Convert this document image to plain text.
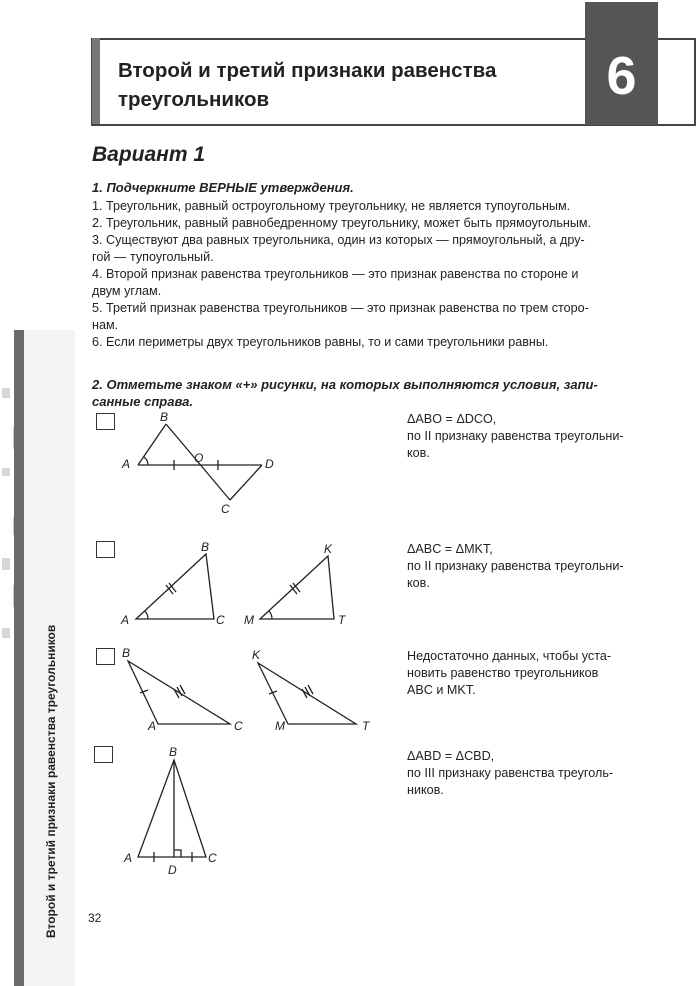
Второй и третий признаки равенства треугольников
Второй и третий признаки равенства треугольников	6
Вариант 1
1. Подчеркните ВЕРНЫЕ утверждения.
1. Треугольник, равный остроугольному треугольнику, не является тупоугольным.
2. Треугольник, равный равнобедренному треугольнику, может быть прямоугольным.
3. Существуют два равных треугольника, один из которых — прямоугольный, а дру-
гой — тупоугольный.
4. Второй признак равенства треугольников — это признак равенства по стороне и
двум углам.
5. Третий признак равенства треугольников — это признак равенства по трем сторо-
нам.
6. Если периметры двух треугольников равны, то и сами треугольники равны.
2. Отметьте знаком «+» рисунки, на которых выполняются условия, запи-
санные справа.
B
A	O	D
C
ΔABO = ΔDCO,
по II признаку равенства треугольни-
ков.
B
A	C
K
M	T
ΔABC = ΔMKT,
по II признаку равенства треугольни-
ков.
B
A	C
K
M	T
Недостаточно данных, чтобы уста-
новить равенство треугольников
ABC и MKT.
B
A	C
D
ΔABD = ΔCBD,
по III признаку равенства треуголь-
ников.
32
